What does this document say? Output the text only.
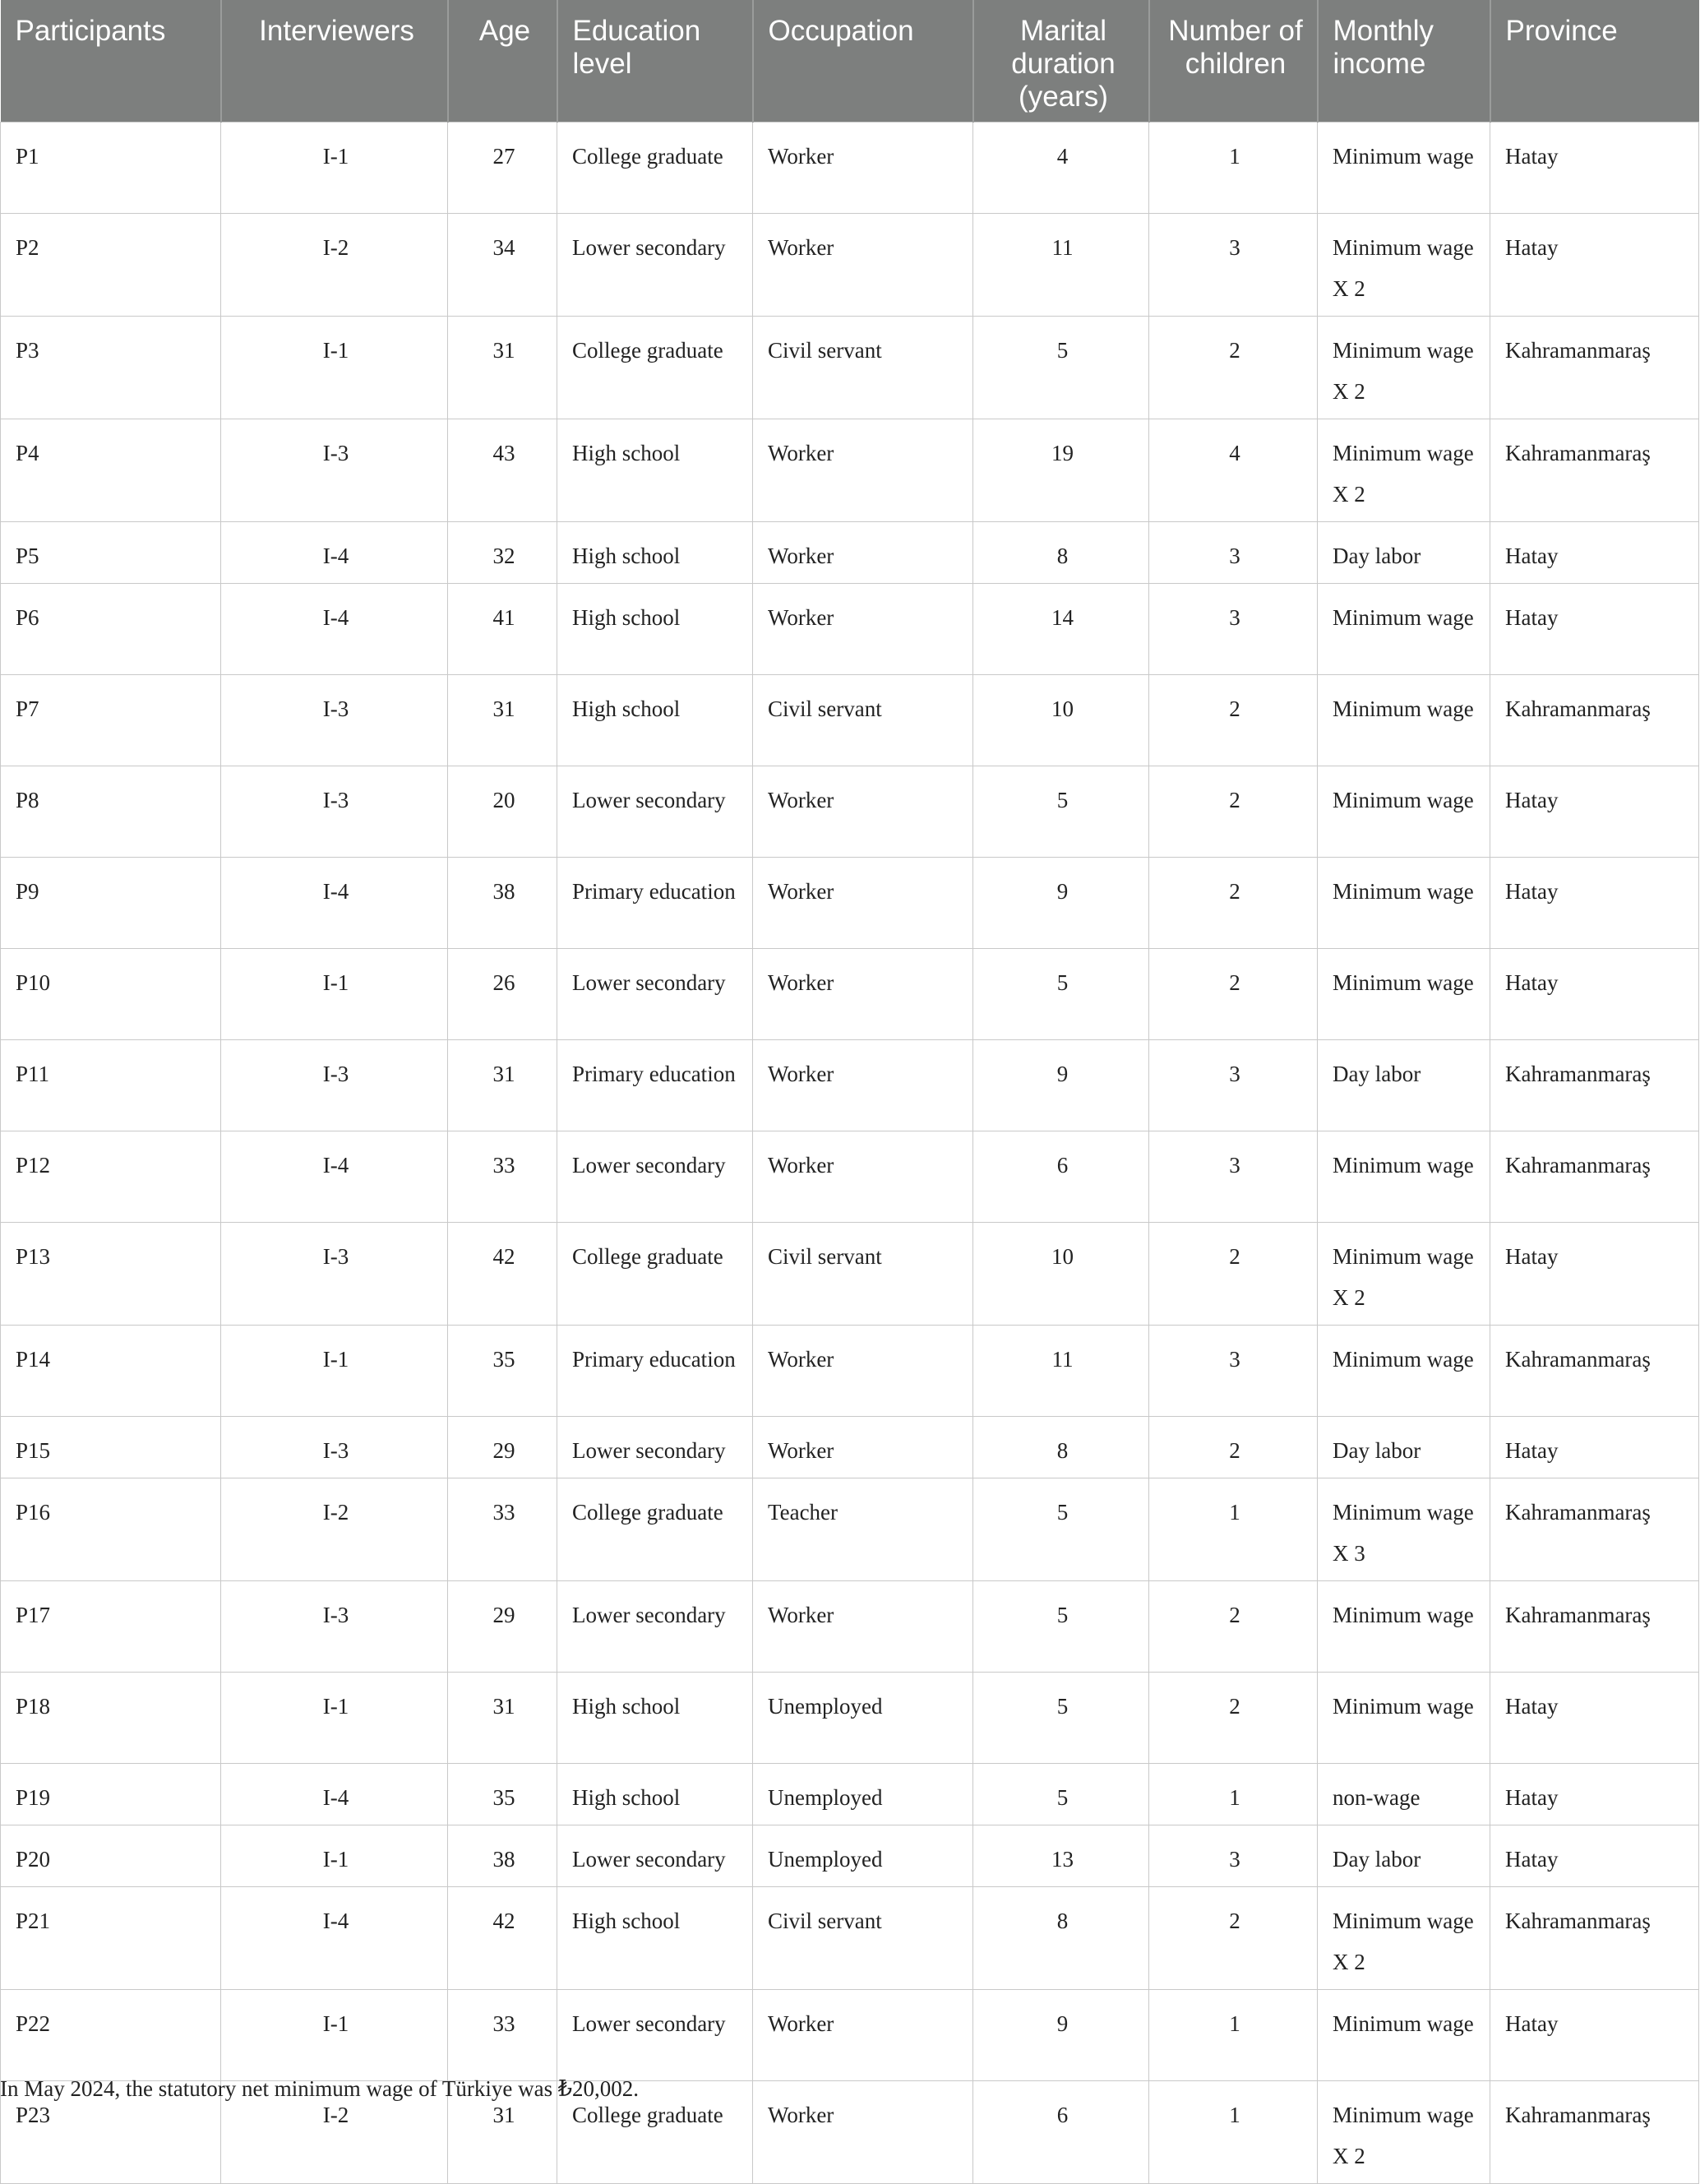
Participants	Interviewers	Age	Education level	Occupation	Marital duration (years)	Number of children	Monthly income	Province
P1	I-1	27	College graduate	Worker	4	1	Minimum wage	Hatay
P2	I-2	34	Lower secondary	Worker	11	3	Minimum wage X 2	Hatay
P3	I-1	31	College graduate	Civil servant	5	2	Minimum wage X 2	Kahramanmaraş
P4	I-3	43	High school	Worker	19	4	Minimum wage X 2	Kahramanmaraş
P5	I-4	32	High school	Worker	8	3	Day labor	Hatay
P6	I-4	41	High school	Worker	14	3	Minimum wage	Hatay
P7	I-3	31	High school	Civil servant	10	2	Minimum wage	Kahramanmaraş
P8	I-3	20	Lower secondary	Worker	5	2	Minimum wage	Hatay
P9	I-4	38	Primary education	Worker	9	2	Minimum wage	Hatay
P10	I-1	26	Lower secondary	Worker	5	2	Minimum wage	Hatay
P11	I-3	31	Primary education	Worker	9	3	Day labor	Kahramanmaraş
P12	I-4	33	Lower secondary	Worker	6	3	Minimum wage	Kahramanmaraş
P13	I-3	42	College graduate	Civil servant	10	2	Minimum wage X 2	Hatay
P14	I-1	35	Primary education	Worker	11	3	Minimum wage	Kahramanmaraş
P15	I-3	29	Lower secondary	Worker	8	2	Day labor	Hatay
P16	I-2	33	College graduate	Teacher	5	1	Minimum wage X 3	Kahramanmaraş
P17	I-3	29	Lower secondary	Worker	5	2	Minimum wage	Kahramanmaraş
P18	I-1	31	High school	Unemployed	5	2	Minimum wage	Hatay
P19	I-4	35	High school	Unemployed	5	1	non-wage	Hatay
P20	I-1	38	Lower secondary	Unemployed	13	3	Day labor	Hatay
P21	I-4	42	High school	Civil servant	8	2	Minimum wage X 2	Kahramanmaraş
P22	I-1	33	Lower secondary	Worker	9	1	Minimum wage	Hatay
P23	I-2	31	College graduate	Worker	6	1	Minimum wage X 2	Kahramanmaraş
In May 2024, the statutory net minimum wage of Türkiye was ₺20,002.
